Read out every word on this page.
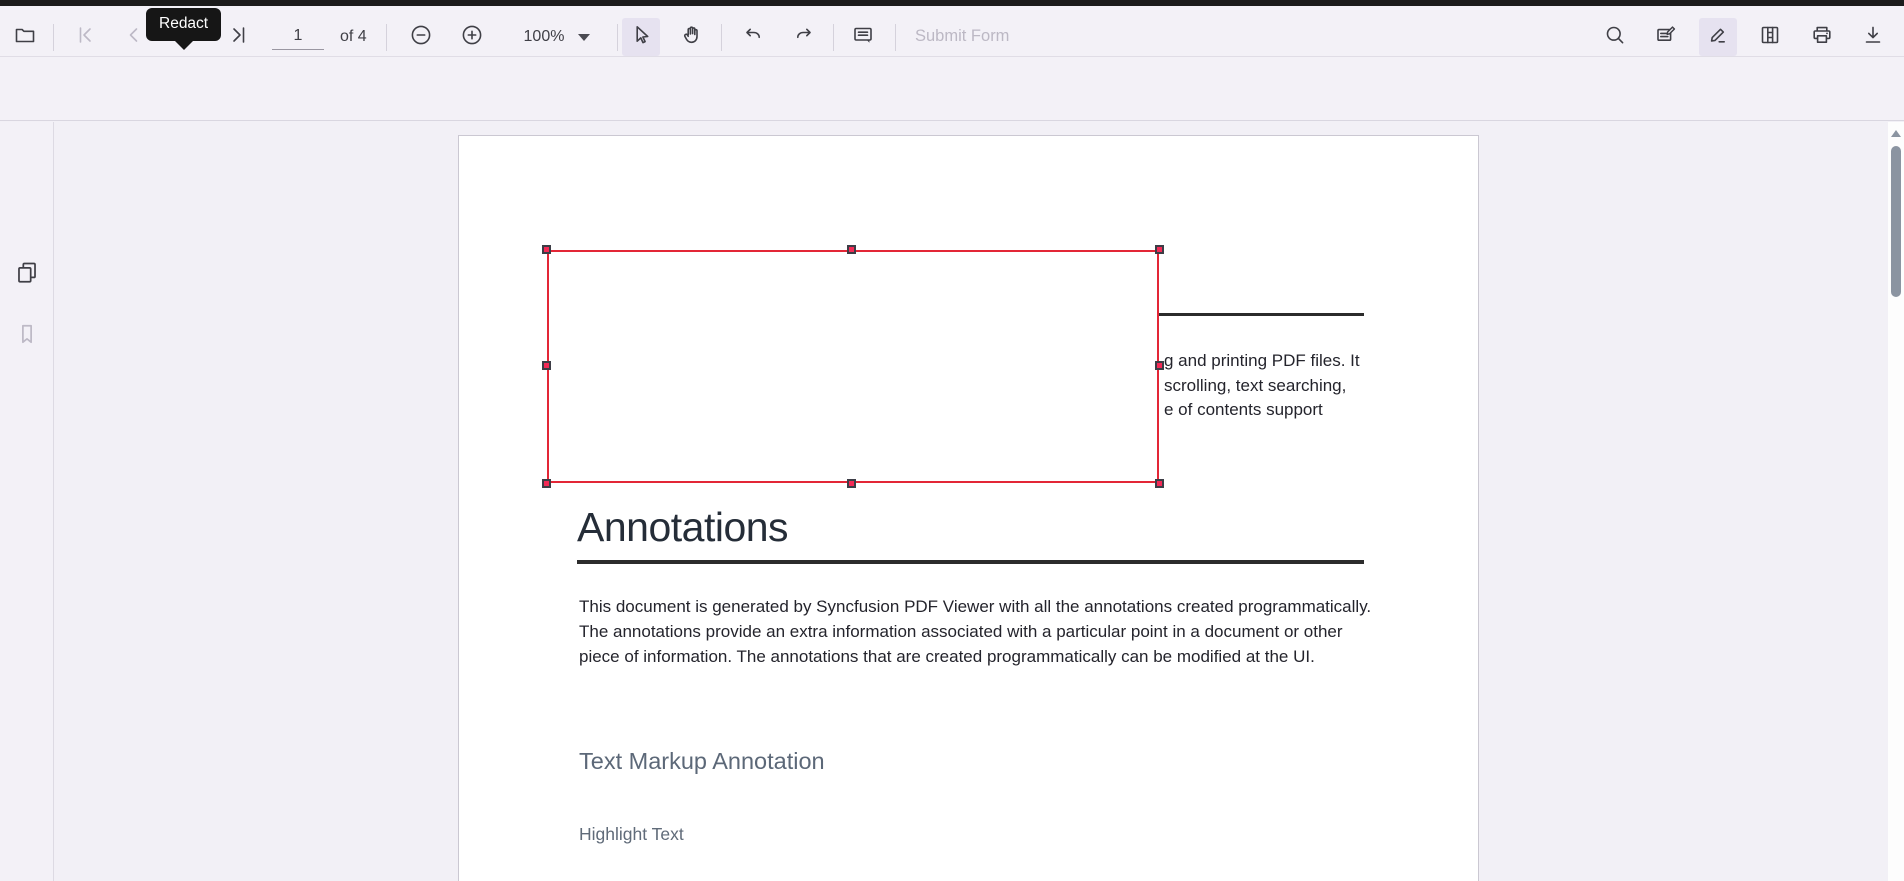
1
of 4	100%	Submit Form
Redact
g and printing PDF files. It
scrolling, text searching,
e of contents support
Annotations
This document is generated by Syncfusion PDF Viewer with all the annotations created programmatically. The annotations provide an extra information associated with a particular point in a document or other piece of information. The annotations that are created programmatically can be modified at the UI.
Text Markup Annotation
Highlight Text
